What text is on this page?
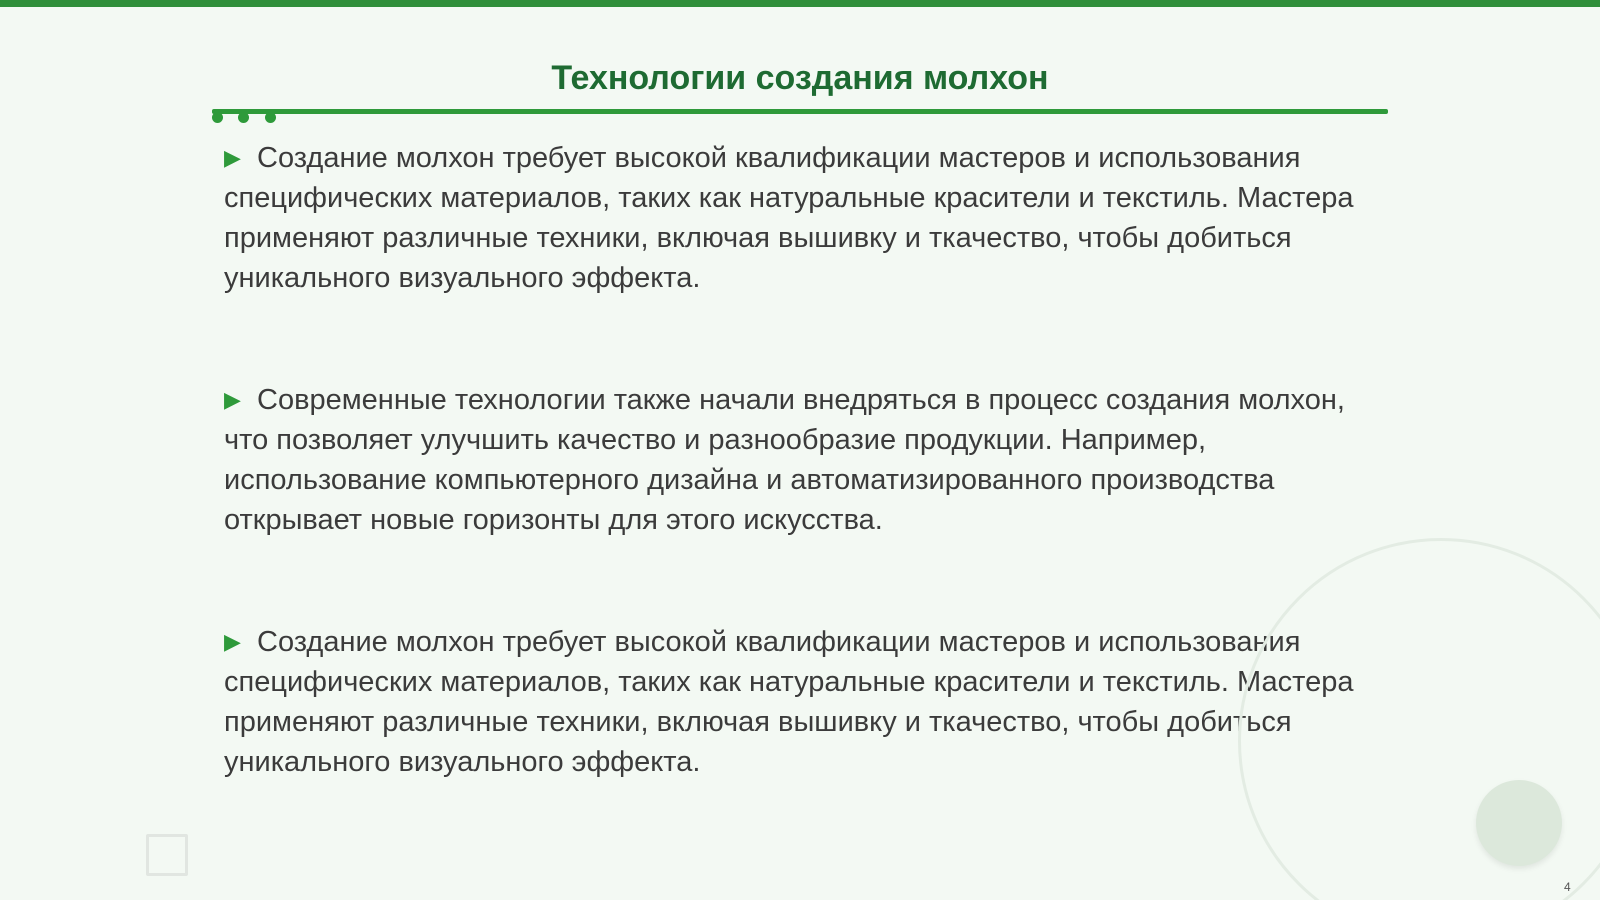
Технологии создания молхон

▶ Создание молхон требует высокой квалификации мастеров и использования специфических материалов, таких как натуральные красители и текстиль. Мастера применяют различные техники, включая вышивку и ткачество, чтобы добиться уникального визуального эффекта.

▶ Современные технологии также начали внедряться в процесс создания молхон, что позволяет улучшить качество и разнообразие продукции. Например, использование компьютерного дизайна и автоматизированного производства открывает новые горизонты для этого искусства.

▶ Создание молхон требует высокой квалификации мастеров и использования специфических материалов, таких как натуральные красители и текстиль. Мастера применяют различные техники, включая вышивку и ткачество, чтобы добиться уникального визуального эффекта.

4
